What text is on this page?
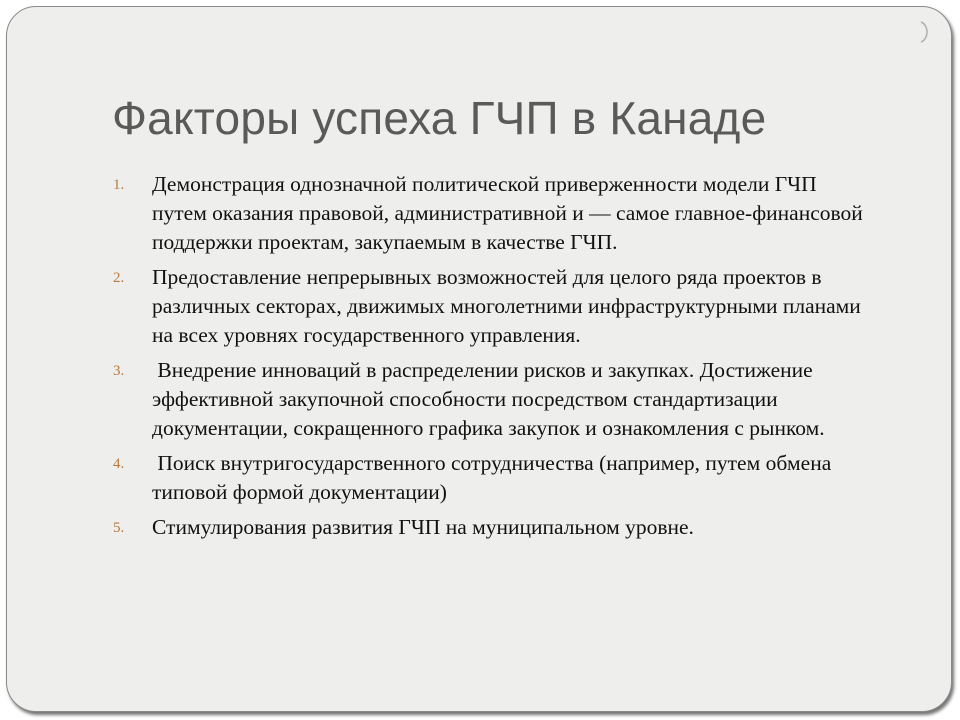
Факторы успеха ГЧП в Канаде
1. Демонстрация однозначной политической приверженности модели ГЧП путем оказания правовой, административной и — самое главное-финансовой поддержки проектам, закупаемым в качестве ГЧП.
2. Предоставление непрерывных возможностей для целого ряда проектов в различных секторах, движимых многолетними инфраструктурными планами на всех уровнях государственного управления.
3. Внедрение инноваций в распределении рисков и закупках. Достижение эффективной закупочной способности посредством стандартизации документации, сокращенного графика закупок и ознакомления с рынком.
4. Поиск внутригосударственного сотрудничества (например, путем обмена типовой формой документации)
5. Стимулирования развития ГЧП на муниципальном уровне.
